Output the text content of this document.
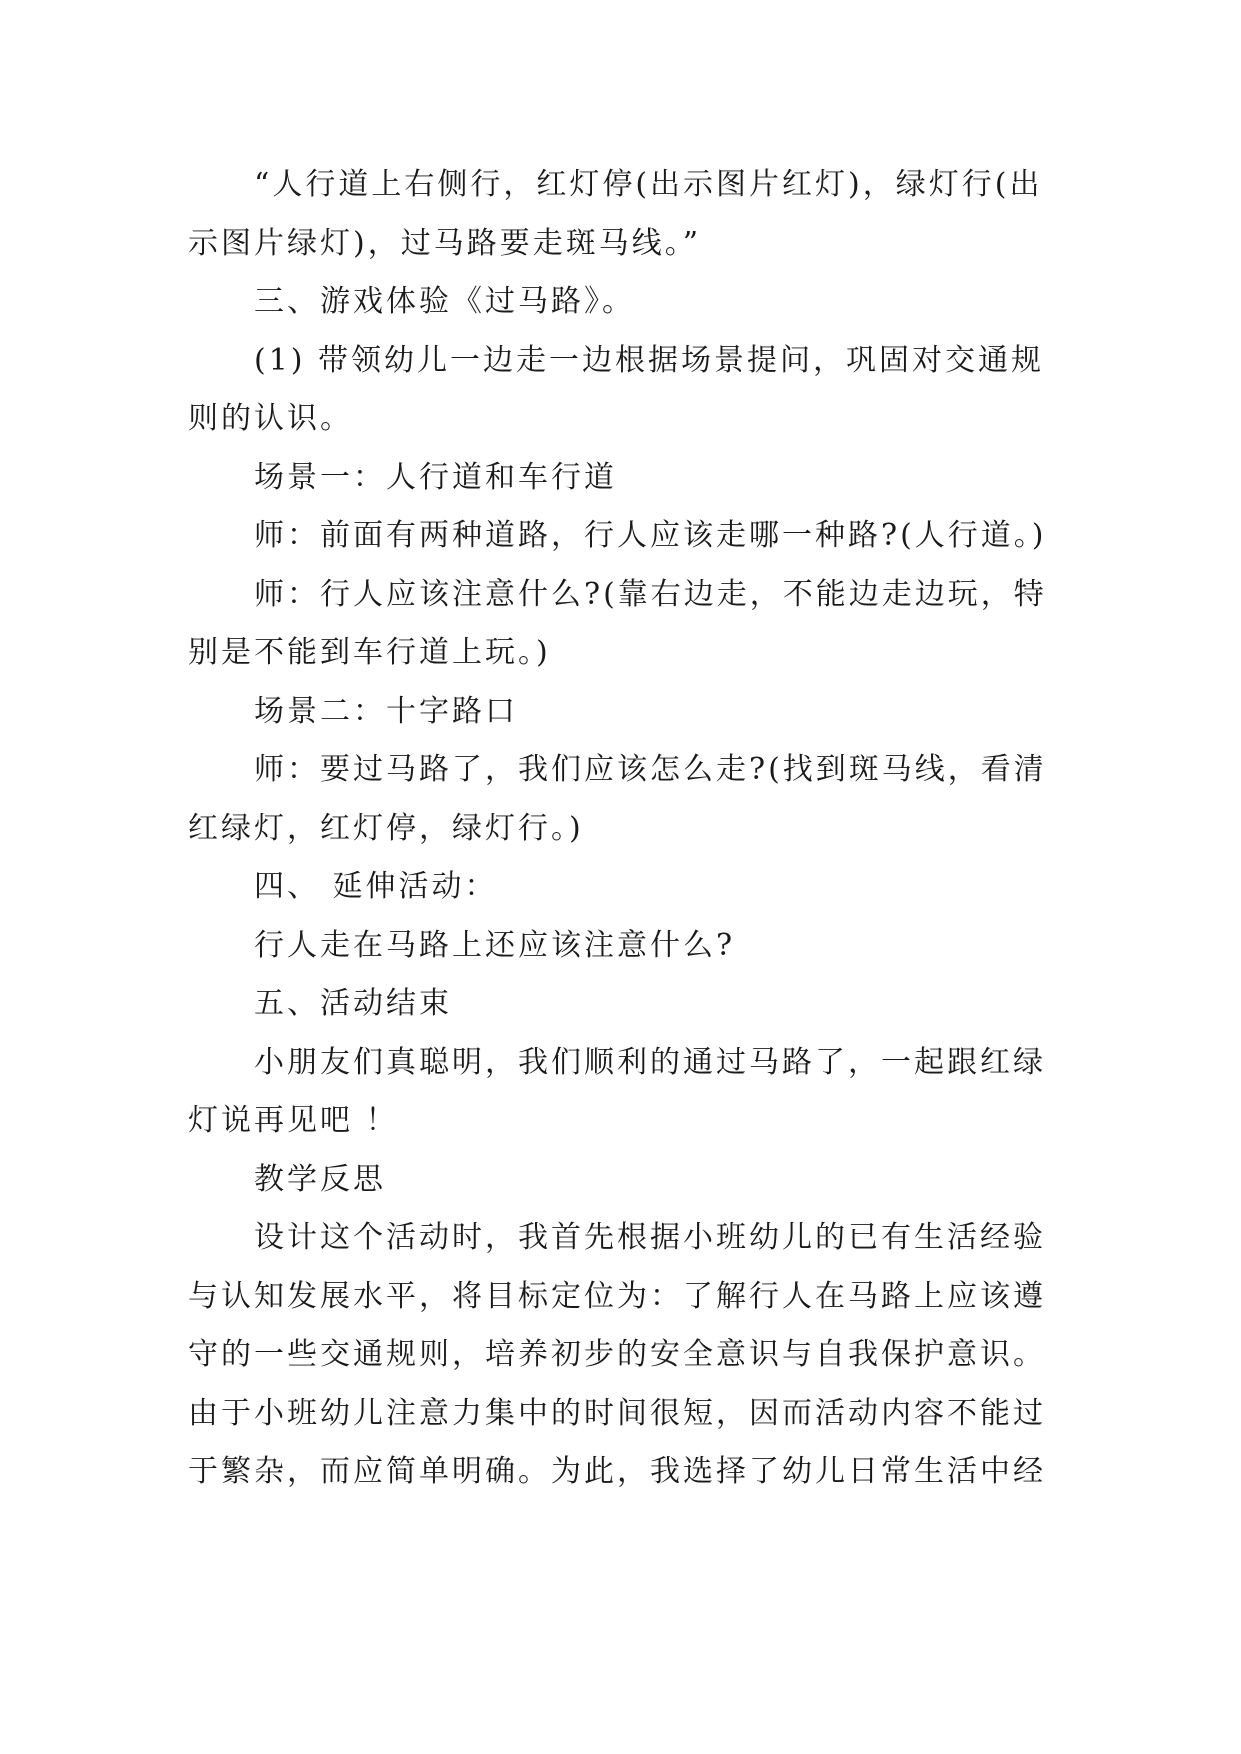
“人行道上右侧行，红灯停(出示图片红灯)，绿灯行(出示图片绿灯)，过马路要走斑马线。”

三、游戏体验《过马路》。

(1) 带领幼儿一边走一边根据场景提问，巩固对交通规则的认识。

场景一：人行道和车行道

师：前面有两种道路，行人应该走哪一种路?(人行道。)

师：行人应该注意什么?(靠右边走，不能边走边玩，特别是不能到车行道上玩。)

场景二：十字路口

师：要过马路了，我们应该怎么走?(找到斑马线，看清红绿灯，红灯停，绿灯行。)

四、 延伸活动：

行人走在马路上还应该注意什么?

五、活动结束

小朋友们真聪明，我们顺利的通过马路了，一起跟红绿灯说再见吧 ！

教学反思

设计这个活动时，我首先根据小班幼儿的已有生活经验与认知发展水平，将目标定位为：了解行人在马路上应该遵守的一些交通规则，培养初步的安全意识与自我保护意识。由于小班幼儿注意力集中的时间很短，因而活动内容不能过于繁杂，而应简单明确。为此，我选择了幼儿日常生活中经
